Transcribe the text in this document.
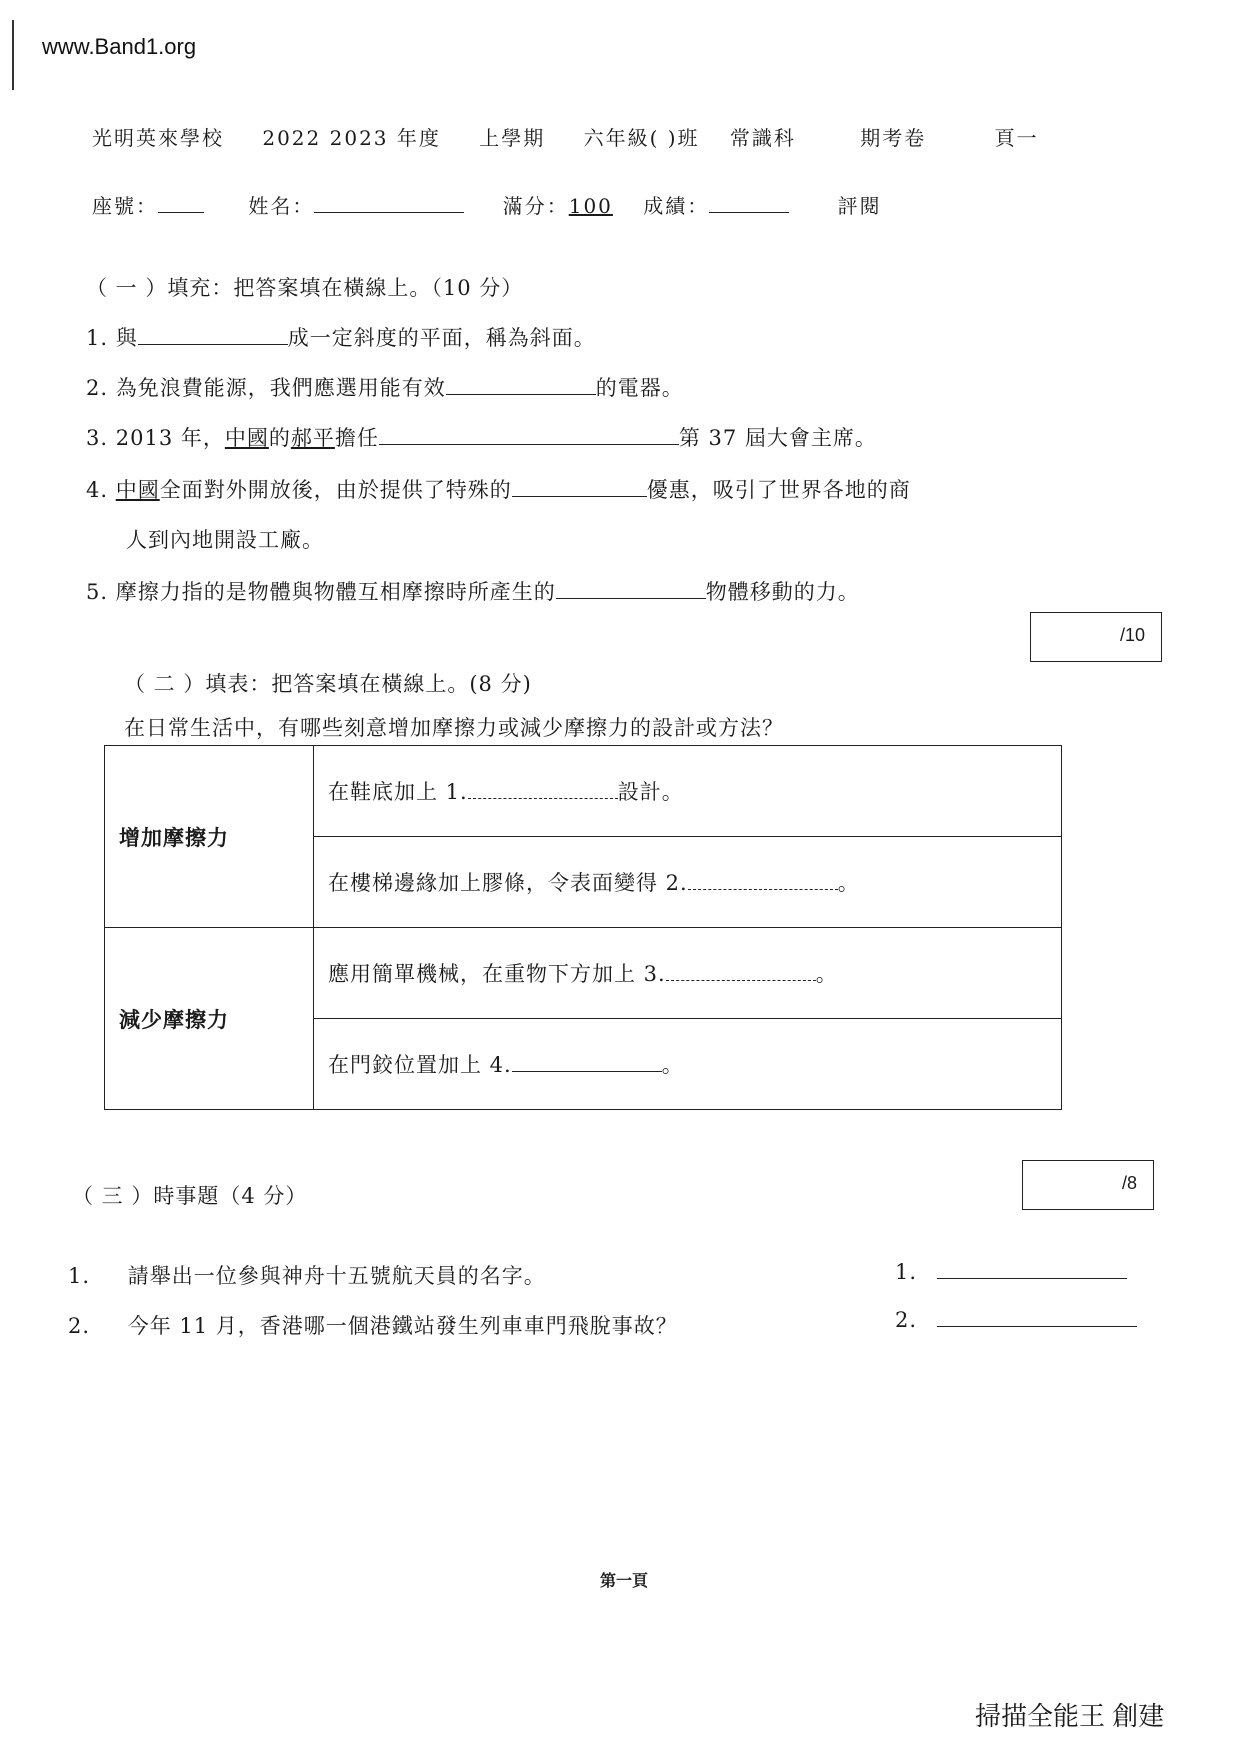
www.Band1.org
光明英來學校 2022 2023 年度 上學期 六年級( )班 常識科	期考卷	頁一
座號：	姓名：	滿分：100 成績：	評閱
（ 一 ）填充：把答案填在橫線上。（10 分）
1. 與	成一定斜度的平面，稱為斜面。
2. 為免浪費能源，我們應選用能有效	的電器。
3. 2013 年，中國的郝平擔任	第 37 屆大會主席。
4. 中國全面對外開放後，由於提供了特殊的	優惠，吸引了世界各地的商
人到內地開設工廠。
5. 摩擦力指的是物體與物體互相摩擦時所產生的	物體移動的力。
/10
（ 二 ）填表：把答案填在橫線上。(8 分)
在日常生活中，有哪些刻意增加摩擦力或減少摩擦力的設計或方法？
增加摩擦力	在鞋底加上 1. 設計。
	在樓梯邊緣加上膠條，令表面變得 2. 。
減少摩擦力	應用簡單機械，在重物下方加上 3. 。
	在門鉸位置加上 4. 。
/8
（ 三 ）時事題（4 分）
1. 請舉出一位參與神舟十五號航天員的名字。	1.
2. 今年 11 月，香港哪一個港鐵站發生列車車門飛脫事故？	2.
第一頁
掃描全能王 創建
